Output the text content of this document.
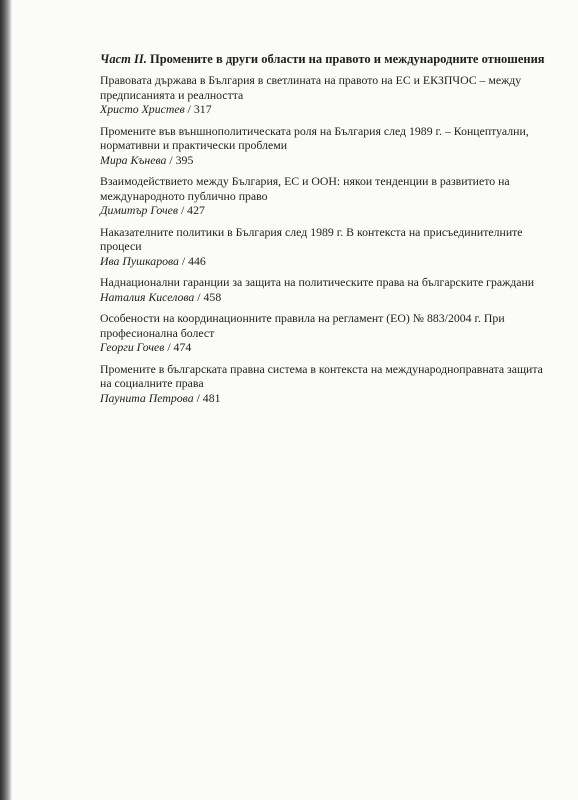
Част II. Промените в други области на правото и международните отношения
Правовата държава в България в светлината на правото на ЕС и ЕКЗПЧОС – между предписанията и реалността
Христо Христев / 317
Промените във външнополитическата роля на България след 1989 г. – Концептуални, нормативни и практически проблеми
Мира Кънева / 395
Взаимодействието между България, ЕС и ООН: някои тенденции в развитието на международното публично право
Димитър Гочев / 427
Наказателните политики в България след 1989 г. В контекста на присъединителните процеси
Ива Пушкарова / 446
Наднационални гаранции за защита на политическите права на българските граждани
Наталия Киселова / 458
Особености на координационните правила на регламент (ЕО) № 883/2004 г. При професионална болест
Георги Гочев / 474
Промените в българската правна система в контекста на международноправната защита на социалните права
Паунита Петрова / 481
